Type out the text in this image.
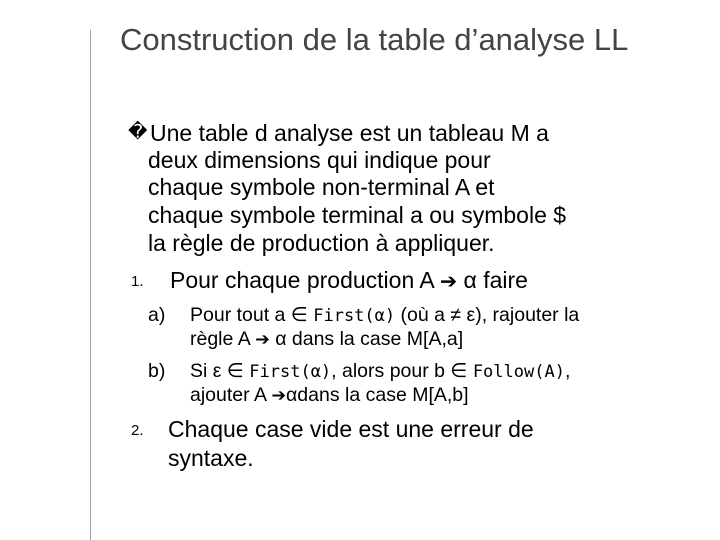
Construction de la table d’analyse LL
� Une table d analyse est un tableau M a
deux dimensions qui indique pour
chaque symbole non-terminal A et
chaque symbole terminal a ou symbole $
la règle de production à appliquer.
1. Pour chaque production A ➔ α faire
a) Pour tout a ∈ First(α) (où a ≠ ε), rajouter la
règle A ➔ α dans la case M[A,a]
b) Si ε ∈ First(α), alors pour b ∈ Follow(A),
ajouter A ➔αdans la case M[A,b]
2. Chaque case vide est une erreur de
syntaxe.
